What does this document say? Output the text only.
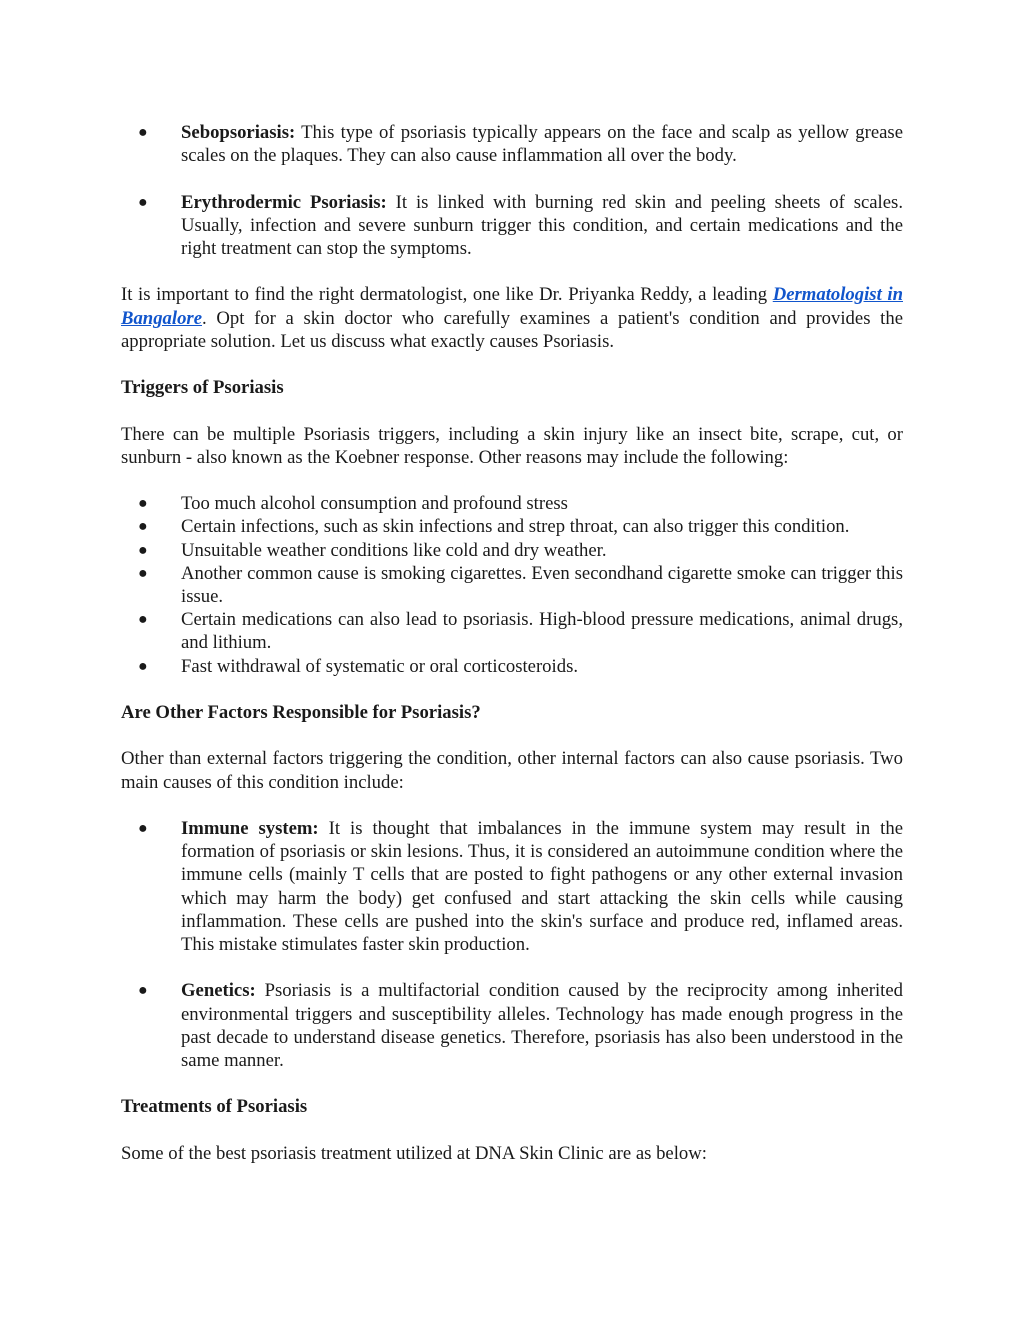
● Sebopsoriasis: This type of psoriasis typically appears on the face and scalp as yellow grease scales on the plaques. They can also cause inflammation all over the body.
● Erythrodermic Psoriasis: It is linked with burning red skin and peeling sheets of scales. Usually, infection and severe sunburn trigger this condition, and certain medications and the right treatment can stop the symptoms.

It is important to find the right dermatologist, one like Dr. Priyanka Reddy, a leading Dermatologist in Bangalore. Opt for a skin doctor who carefully examines a patient's condition and provides the appropriate solution. Let us discuss what exactly causes Psoriasis.

Triggers of Psoriasis

There can be multiple Psoriasis triggers, including a skin injury like an insect bite, scrape, cut, or sunburn - also known as the Koebner response. Other reasons may include the following:

● Too much alcohol consumption and profound stress
● Certain infections, such as skin infections and strep throat, can also trigger this condition.
● Unsuitable weather conditions like cold and dry weather.
● Another common cause is smoking cigarettes. Even secondhand cigarette smoke can trigger this issue.
● Certain medications can also lead to psoriasis. High-blood pressure medications, animal drugs, and lithium.
● Fast withdrawal of systematic or oral corticosteroids.

Are Other Factors Responsible for Psoriasis?

Other than external factors triggering the condition, other internal factors can also cause psoriasis. Two main causes of this condition include:

● Immune system: It is thought that imbalances in the immune system may result in the formation of psoriasis or skin lesions. Thus, it is considered an autoimmune condition where the immune cells (mainly T cells that are posted to fight pathogens or any other external invasion which may harm the body) get confused and start attacking the skin cells while causing inflammation. These cells are pushed into the skin's surface and produce red, inflamed areas. This mistake stimulates faster skin production.
● Genetics: Psoriasis is a multifactorial condition caused by the reciprocity among inherited environmental triggers and susceptibility alleles. Technology has made enough progress in the past decade to understand disease genetics. Therefore, psoriasis has also been understood in the same manner.

Treatments of Psoriasis

Some of the best psoriasis treatment utilized at DNA Skin Clinic are as below:
